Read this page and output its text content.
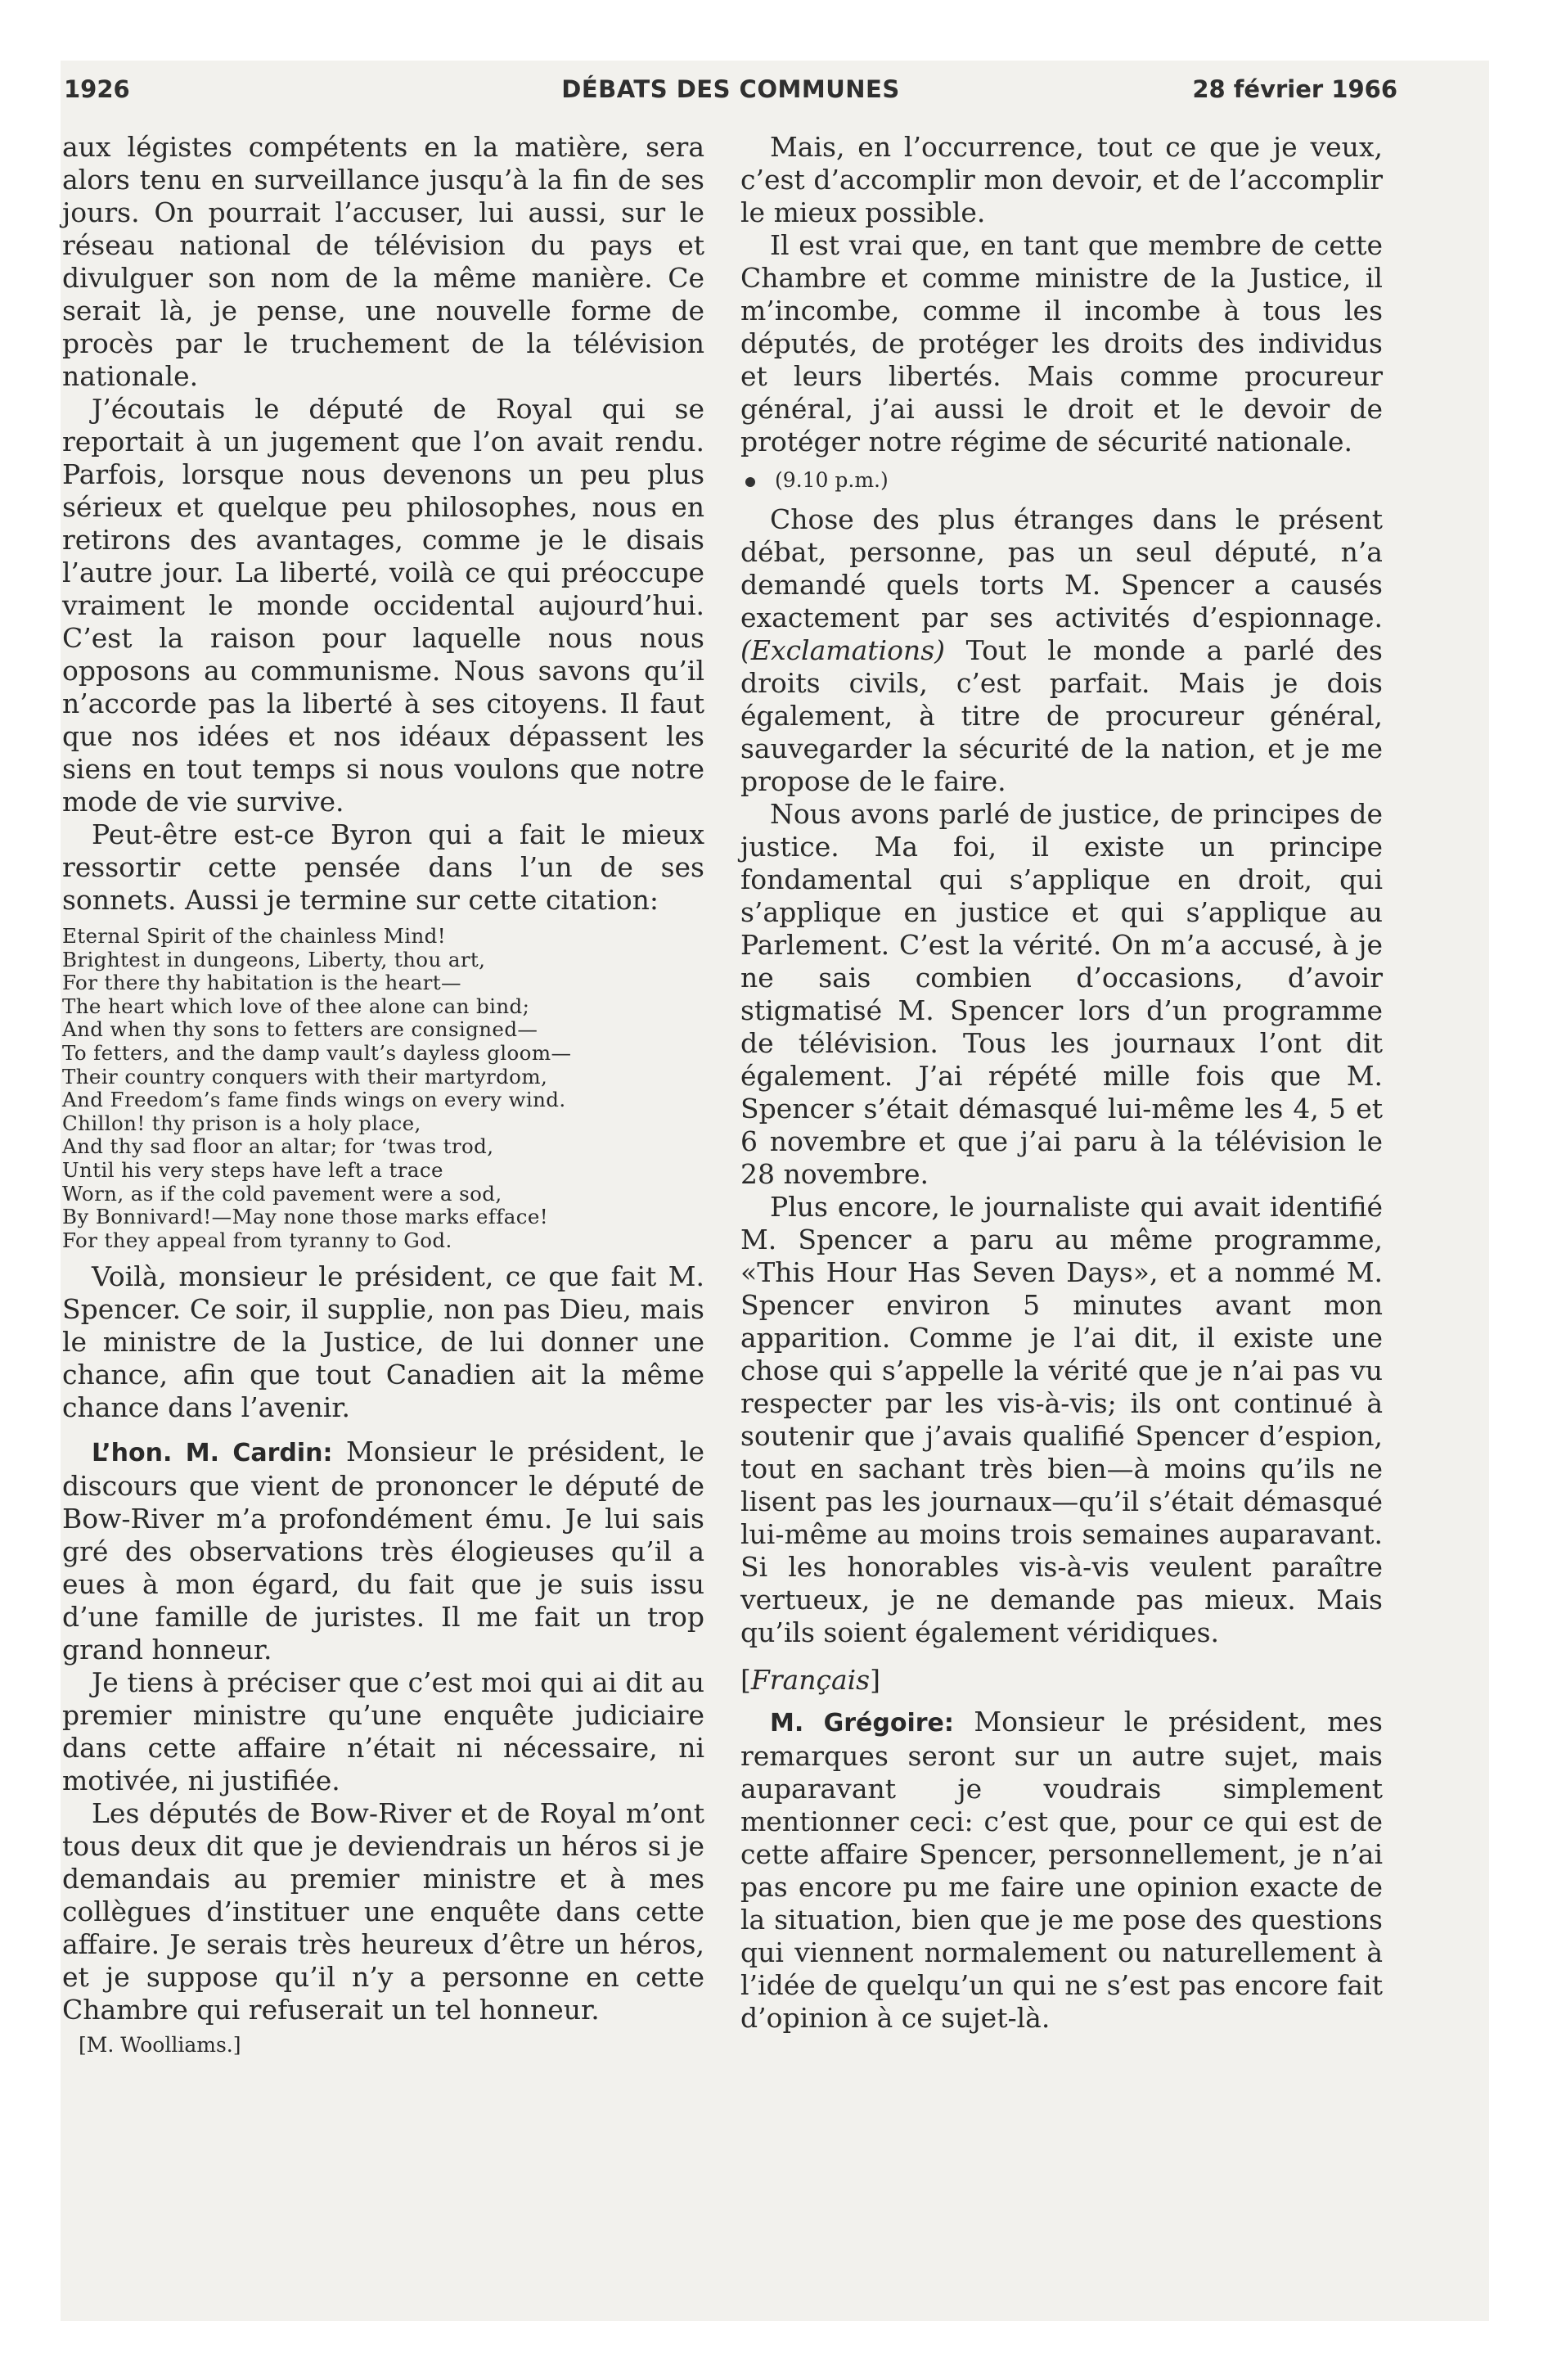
1926	DÉBATS DES COMMUNES	28 février 1966

aux légistes compétents en la matière, sera alors tenu en surveillance jusqu’à la fin de ses jours. On pourrait l’accuser, lui aussi, sur le réseau national de télévision du pays et divulguer son nom de la même manière. Ce serait là, je pense, une nouvelle forme de procès par le truchement de la télévision nationale.

J’écoutais le député de Royal qui se reportait à un jugement que l’on avait rendu. Parfois, lorsque nous devenons un peu plus sérieux et quelque peu philosophes, nous en retirons des avantages, comme je le disais l’autre jour. La liberté, voilà ce qui préoccupe vraiment le monde occidental aujourd’hui. C’est la raison pour laquelle nous nous opposons au communisme. Nous savons qu’il n’accorde pas la liberté à ses citoyens. Il faut que nos idées et nos idéaux dépassent les siens en tout temps si nous voulons que notre mode de vie survive.

Peut-être est-ce Byron qui a fait le mieux ressortir cette pensée dans l’un de ses sonnets. Aussi je termine sur cette citation:

Eternal Spirit of the chainless Mind!

Brightest in dungeons, Liberty, thou art,

For there thy habitation is the heart—

The heart which love of thee alone can bind;

And when thy sons to fetters are consigned—

To fetters, and the damp vault’s dayless gloom—

Their country conquers with their martyrdom,

And Freedom’s fame finds wings on every wind.

Chillon! thy prison is a holy place,

And thy sad floor an altar; for ‘twas trod,

Until his very steps have left a trace

Worn, as if the cold pavement were a sod,

By Bonnivard!—May none those marks efface!

For they appeal from tyranny to God.

Voilà, monsieur le président, ce que fait M. Spencer. Ce soir, il supplie, non pas Dieu, mais le ministre de la Justice, de lui donner une chance, afin que tout Canadien ait la même chance dans l’avenir.

L’hon. M. Cardin: Monsieur le président, le discours que vient de prononcer le député de Bow-River m’a profondément ému. Je lui sais gré des observations très élogieuses qu’il a eues à mon égard, du fait que je suis issu d’une famille de juristes. Il me fait un trop grand honneur.

Je tiens à préciser que c’est moi qui ai dit au premier ministre qu’une enquête judiciaire dans cette affaire n’était ni nécessaire, ni motivée, ni justifiée.

Les députés de Bow-River et de Royal m’ont tous deux dit que je deviendrais un héros si je demandais au premier ministre et à mes collègues d’instituer une enquête dans cette affaire. Je serais très heureux d’être un héros, et je suppose qu’il n’y a personne en cette Chambre qui refuserait un tel honneur.

[M. Woolliams.]

Mais, en l’occurrence, tout ce que je veux, c’est d’accomplir mon devoir, et de l’accomplir le mieux possible.

Il est vrai que, en tant que membre de cette Chambre et comme ministre de la Justice, il m’incombe, comme il incombe à tous les députés, de protéger les droits des individus et leurs libertés. Mais comme procureur général, j’ai aussi le droit et le devoir de protéger notre régime de sécurité nationale.

(9.10 p.m.)

Chose des plus étranges dans le présent débat, personne, pas un seul député, n’a demandé quels torts M. Spencer a causés exactement par ses activités d’espionnage. (Exclamations) Tout le monde a parlé des droits civils, c’est parfait. Mais je dois également, à titre de procureur général, sauvegarder la sécurité de la nation, et je me propose de le faire.

Nous avons parlé de justice, de principes de justice. Ma foi, il existe un principe fondamental qui s’applique en droit, qui s’applique en justice et qui s’applique au Parlement. C’est la vérité. On m’a accusé, à je ne sais combien d’occasions, d’avoir stigmatisé M. Spencer lors d’un programme de télévision. Tous les journaux l’ont dit également. J’ai répété mille fois que M. Spencer s’était démasqué lui-même les 4, 5 et 6 novembre et que j’ai paru à la télévision le 28 novembre.

Plus encore, le journaliste qui avait identifié M. Spencer a paru au même programme, «This Hour Has Seven Days», et a nommé M. Spencer environ 5 minutes avant mon apparition. Comme je l’ai dit, il existe une chose qui s’appelle la vérité que je n’ai pas vu respecter par les vis-à-vis; ils ont continué à soutenir que j’avais qualifié Spencer d’espion, tout en sachant très bien—à moins qu’ils ne lisent pas les journaux—qu’il s’était démasqué lui-même au moins trois semaines auparavant. Si les honorables vis-à-vis veulent paraître vertueux, je ne demande pas mieux. Mais qu’ils soient également véridiques.

[Français]

M. Grégoire: Monsieur le président, mes remarques seront sur un autre sujet, mais auparavant je voudrais simplement mentionner ceci: c’est que, pour ce qui est de cette affaire Spencer, personnellement, je n’ai pas encore pu me faire une opinion exacte de la situation, bien que je me pose des questions qui viennent normalement ou naturellement à l’idée de quelqu’un qui ne s’est pas encore fait d’opinion à ce sujet-là.
